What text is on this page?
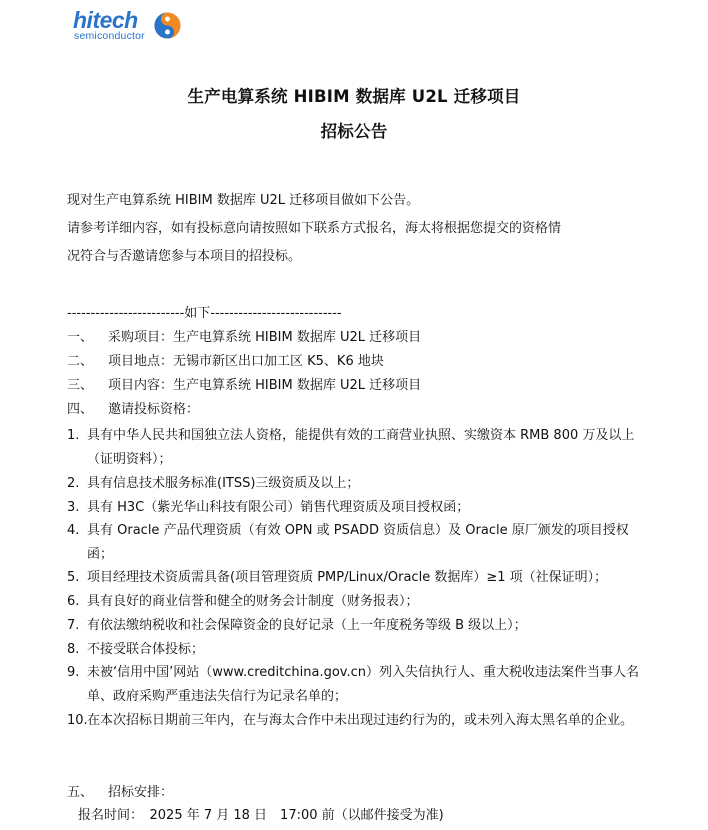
hitech
semiconductor
生产电算系统 HIBIM 数据库 U2L 迁移项目
招标公告
现对生产电算系统 HIBIM 数据库 U2L 迁移项目做如下公告。
请参考详细内容，如有投标意向请按照如下联系方式报名，海太将根据您提交的资格情
况符合与否邀请您参与本项目的招投标。
-------------------------如下----------------------------
一、 采购项目：生产电算系统 HIBIM 数据库 U2L 迁移项目
二、 项目地点：无锡市新区出口加工区 K5、K6 地块
三、 项目内容：生产电算系统 HIBIM 数据库 U2L 迁移项目
四、 邀请投标资格：
1. 具有中华人民共和国独立法人资格，能提供有效的工商营业执照、实缴资本 RMB 800 万及以上（证明资料）；
2. 具有信息技术服务标准(ITSS)三级资质及以上；
3. 具有 H3C（紫光华山科技有限公司）销售代理资质及项目授权函；
4. 具有 Oracle 产品代理资质（有效 OPN 或 PSADD 资质信息）及 Oracle 原厂颁发的项目授权函；
5. 项目经理技术资质需具备(项目管理资质 PMP/Linux/Oracle 数据库）≥1 项（社保证明）；
6. 具有良好的商业信誉和健全的财务会计制度（财务报表）；
7. 有依法缴纳税收和社会保障资金的良好记录（上一年度税务等级 B 级以上）；
8. 不接受联合体投标；
9. 未被‘信用中国’网站（www.creditchina.gov.cn）列入失信执行人、重大税收违法案件当事人名单、政府采购严重违法失信行为记录名单的；
10. 在本次招标日期前三年内，在与海太合作中未出现过违约行为的，或未列入海太黑名单的企业。
五、 招标安排：
报名时间：　2025 年 7 月 18 日　17:00 前（以邮件接受为准)
